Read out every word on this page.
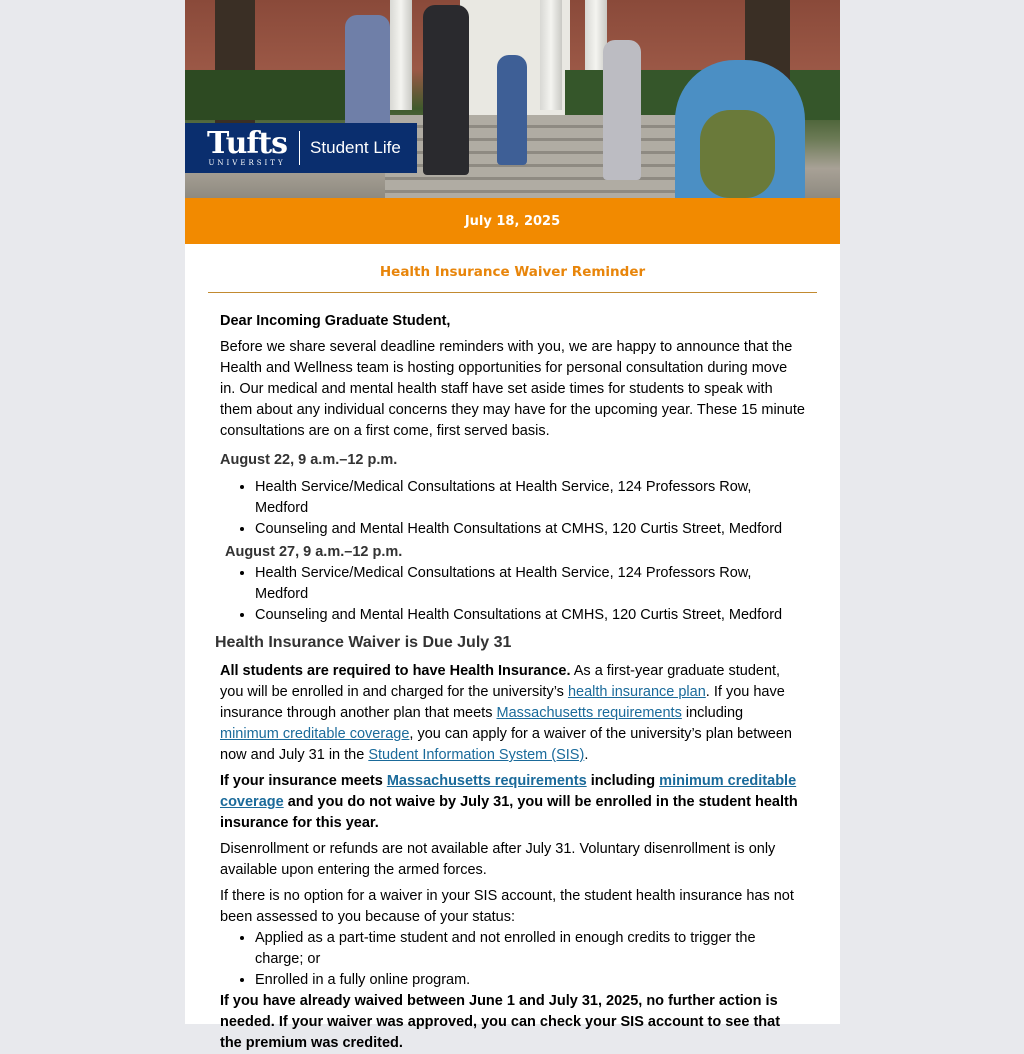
Tufts
UNIVERSITY
Student Life
July 18, 2025
Health Insurance Waiver Reminder

Dear Incoming Graduate Student,

Before we share several deadline reminders with you, we are happy to announce that the Health and Wellness team is hosting opportunities for personal consultation during move in. Our medical and mental health staff have set aside times for students to speak with them about any individual concerns they may have for the upcoming year. These 15 minute consultations are on a first come, first served basis.

August 22, 9 a.m.–12 p.m.
• Health Service/Medical Consultations at Health Service, 124 Professors Row, Medford
• Counseling and Mental Health Consultations at CMHS, 120 Curtis Street, Medford
August 27, 9 a.m.–12 p.m.
• Health Service/Medical Consultations at Health Service, 124 Professors Row, Medford
• Counseling and Mental Health Consultations at CMHS, 120 Curtis Street, Medford
Health Insurance Waiver is Due July 31

All students are required to have Health Insurance. As a first-year graduate student, you will be enrolled in and charged for the university’s health insurance plan. If you have insurance through another plan that meets Massachusetts requirements including minimum creditable coverage, you can apply for a waiver of the university’s plan between now and July 31 in the Student Information System (SIS).

If your insurance meets Massachusetts requirements including minimum creditable coverage and you do not waive by July 31, you will be enrolled in the student health insurance for this year.

Disenrollment or refunds are not available after July 31. Voluntary disenrollment is only available upon entering the armed forces.

If there is no option for a waiver in your SIS account, the student health insurance has not been assessed to you because of your status:

• Applied as a part-time student and not enrolled in enough credits to trigger the charge; or
• Enrolled in a fully online program.

If you have already waived between June 1 and July 31, 2025, no further action is needed. If your waiver was approved, you can check your SIS account to see that the premium was credited.
